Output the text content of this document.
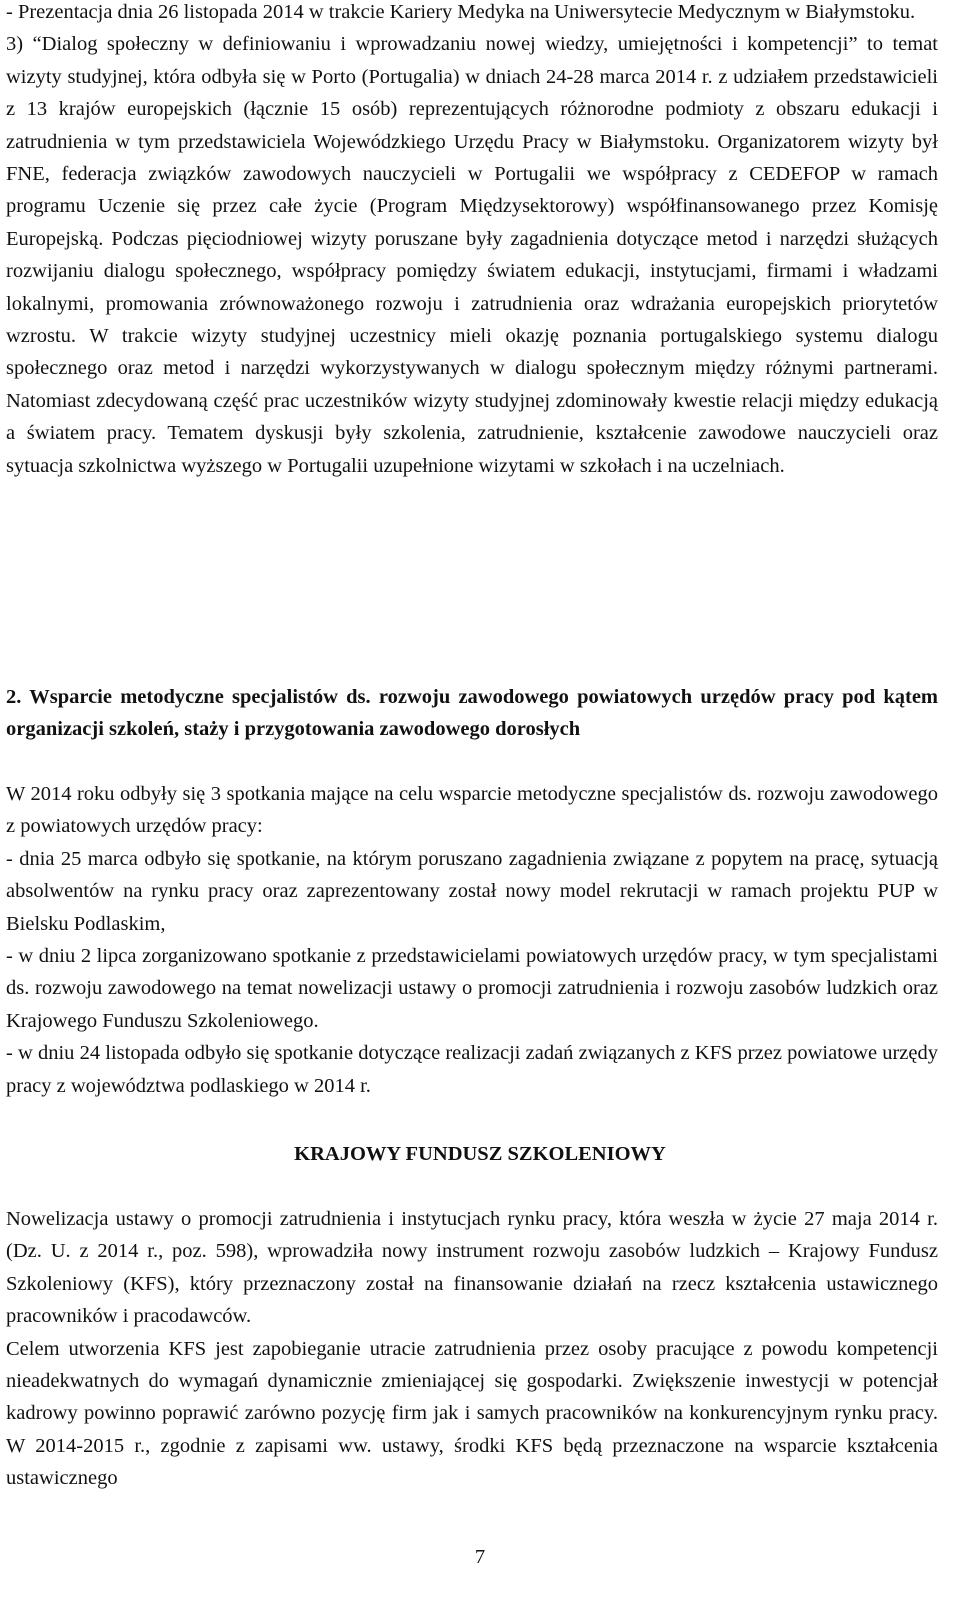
- Prezentacja dnia 26 listopada 2014 w trakcie Kariery Medyka na Uniwersytecie Medycznym w Białymstoku.

3) “Dialog społeczny w definiowaniu i wprowadzaniu nowej wiedzy, umiejętności i kompetencji” to temat wizyty studyjnej, która odbyła się w Porto (Portugalia) w dniach 24-28 marca 2014 r. z udziałem przedstawicieli z 13 krajów europejskich (łącznie 15 osób) reprezentujących różnorodne podmioty z obszaru edukacji i zatrudnienia w tym przedstawiciela Wojewódzkiego Urzędu Pracy w Białymstoku. Organizatorem wizyty był FNE, federacja związków zawodowych nauczycieli w Portugalii we współpracy z CEDEFOP w ramach programu Uczenie się przez całe życie (Program Międzysektorowy) współfinansowanego przez Komisję Europejską. Podczas pięciodniowej wizyty poruszane były zagadnienia dotyczące metod i narzędzi służących rozwijaniu dialogu społecznego, współpracy pomiędzy światem edukacji, instytucjami, firmami i władzami lokalnymi, promowania zrównoważonego rozwoju i zatrudnienia oraz wdrażania europejskich priorytetów wzrostu. W trakcie wizyty studyjnej uczestnicy mieli okazję poznania portugalskiego systemu dialogu społecznego oraz metod i narzędzi wykorzystywanych w dialogu społecznym między różnymi partnerami. Natomiast zdecydowaną część prac uczestników wizyty studyjnej zdominowały kwestie relacji między edukacją a światem pracy. Tematem dyskusji były szkolenia, zatrudnienie, kształcenie zawodowe nauczycieli oraz sytuacja szkolnictwa wyższego w Portugalii uzupełnione wizytami w szkołach i na uczelniach.

2. Wsparcie metodyczne specjalistów ds. rozwoju zawodowego powiatowych urzędów pracy pod kątem organizacji szkoleń, staży i przygotowania zawodowego dorosłych

W 2014 roku odbyły się 3 spotkania mające na celu wsparcie metodyczne specjalistów ds. rozwoju zawodowego z powiatowych urzędów pracy:

- dnia 25 marca odbyło się spotkanie, na którym poruszano zagadnienia związane z popytem na pracę, sytuacją absolwentów na rynku pracy oraz zaprezentowany został nowy model rekrutacji w ramach projektu PUP w Bielsku Podlaskim,

- w dniu 2 lipca zorganizowano spotkanie z przedstawicielami powiatowych urzędów pracy, w tym specjalistami ds. rozwoju zawodowego na temat nowelizacji ustawy o promocji zatrudnienia i rozwoju zasobów ludzkich oraz Krajowego Funduszu Szkoleniowego.

- w dniu 24 listopada odbyło się spotkanie dotyczące realizacji zadań związanych z KFS przez powiatowe urzędy pracy z województwa podlaskiego w 2014 r.

KRAJOWY FUNDUSZ SZKOLENIOWY

Nowelizacja ustawy o promocji zatrudnienia i instytucjach rynku pracy, która weszła w życie 27 maja 2014 r. (Dz. U. z 2014 r., poz. 598), wprowadziła nowy instrument rozwoju zasobów ludzkich – Krajowy Fundusz Szkoleniowy (KFS), który przeznaczony został na finansowanie działań na rzecz kształcenia ustawicznego pracowników i pracodawców.

Celem utworzenia KFS jest zapobieganie utracie zatrudnienia przez osoby pracujące z powodu kompetencji nieadekwatnych do wymagań dynamicznie zmieniającej się gospodarki. Zwiększenie inwestycji w potencjał kadrowy powinno poprawić zarówno pozycję firm jak i samych pracowników na konkurencyjnym rynku pracy. W 2014-2015 r., zgodnie z zapisami ww. ustawy, środki KFS będą przeznaczone na wsparcie kształcenia ustawicznego

7
